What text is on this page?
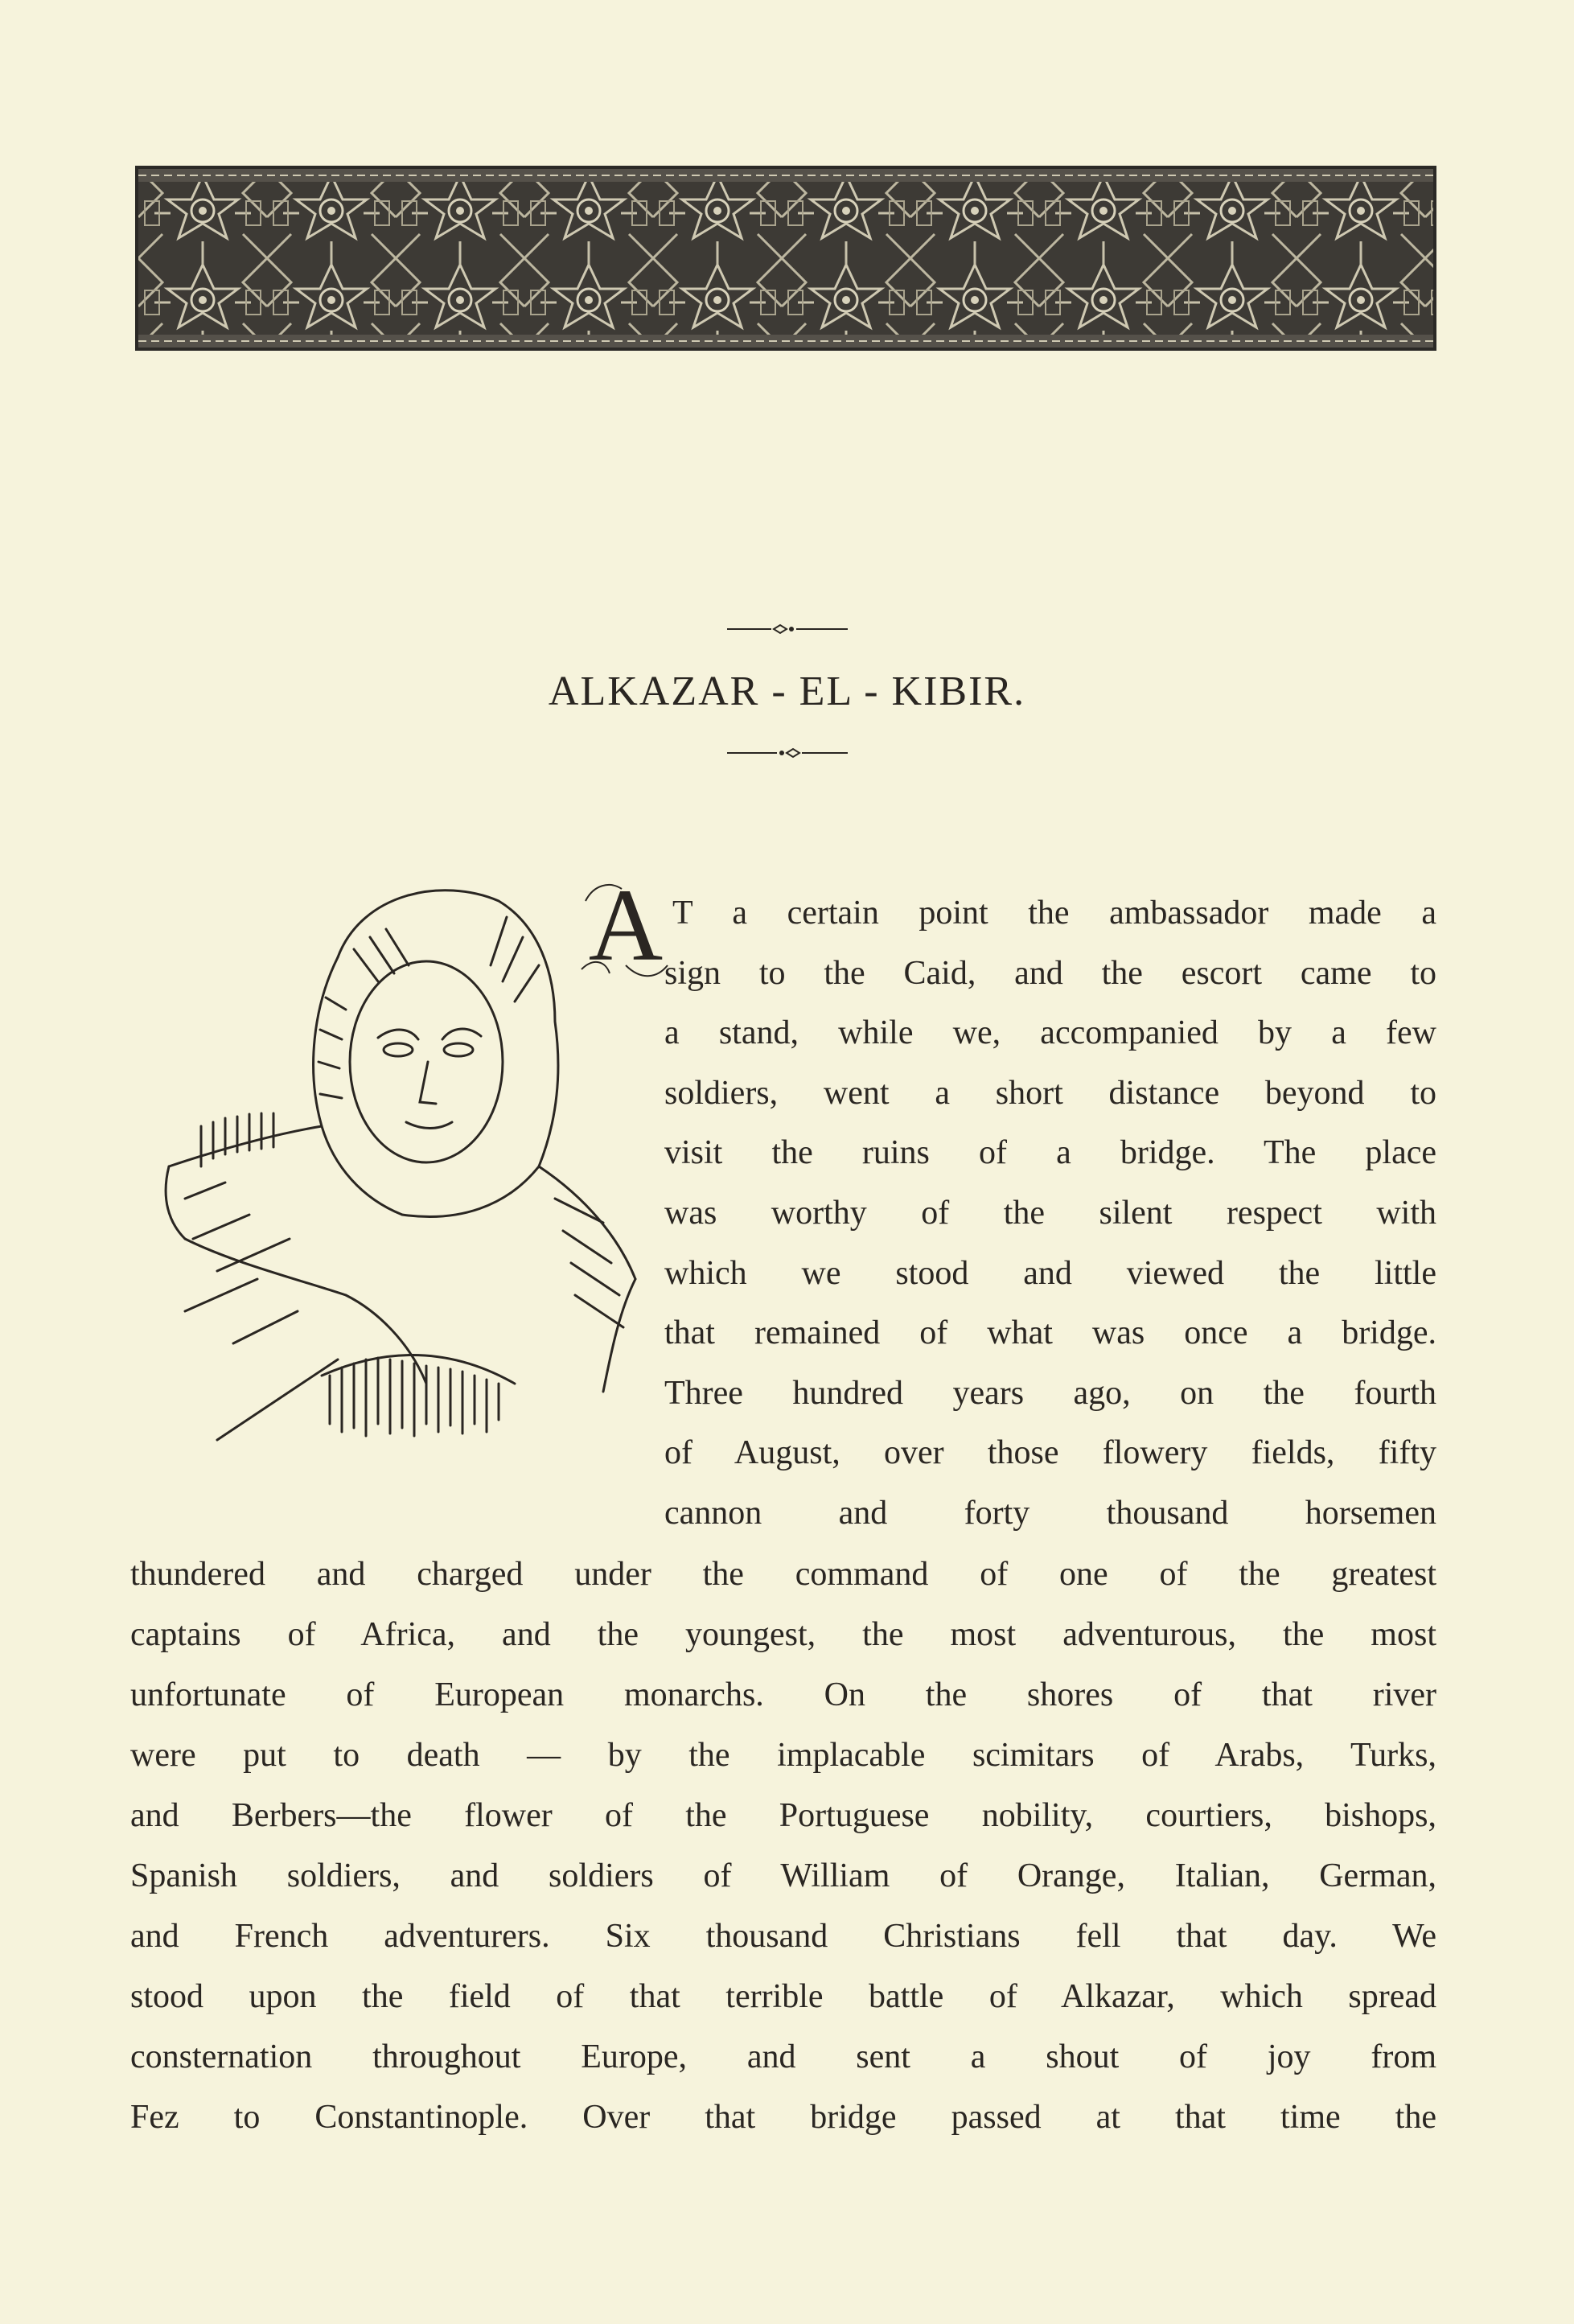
ALKAZAR - EL - KIBIR.
A T a certain point the ambassador made a
sign to the Caid, and the escort came to
a stand, while we, accompanied by a few
soldiers, went a short distance beyond to
visit the ruins of a bridge. The place
was worthy of the silent respect with
which we stood and viewed the little
that remained of what was once a bridge.
Three hundred years ago, on the fourth
of August, over those flowery fields, fifty
cannon and forty thousand horsemen
thundered and charged under the command of one of the greatest
captains of Africa, and the youngest, the most adventurous, the most
unfortunate of European monarchs. On the shores of that river
were put to death — by the implacable scimitars of Arabs, Turks,
and Berbers—the flower of the Portuguese nobility, courtiers, bishops,
Spanish soldiers, and soldiers of William of Orange, Italian, German,
and French adventurers. Six thousand Christians fell that day. We
stood upon the field of that terrible battle of Alkazar, which spread
consternation throughout Europe, and sent a shout of joy from
Fez to Constantinople. Over that bridge passed at that time the
